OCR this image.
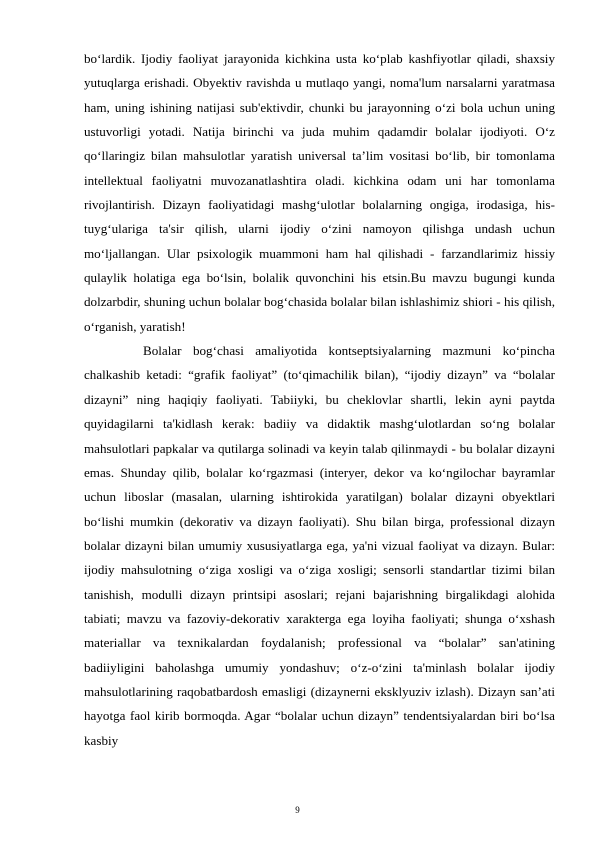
bo‘lardik. Ijodiy faoliyat jarayonida kichkina usta ko‘plab kashfiyotlar qiladi, shaxsiy yutuqlarga erishadi. Obyektiv ravishda u mutlaqo yangi, noma'lum narsalarni yaratmasa ham, uning ishining natijasi sub'ektivdir, chunki bu jarayonning o‘zi bola uchun uning ustuvorligi yotadi. Natija birinchi va juda muhim qadamdir bolalar ijodiyoti. O‘z qo‘llaringiz bilan mahsulotlar yaratish universal ta’lim vositasi bo‘lib, bir tomonlama intellektual faoliyatni muvozanatlashtira oladi. kichkina odam uni har tomonlama rivojlantirish. Dizayn faoliyatidagi mashg‘ulotlar bolalarning ongiga, irodasiga, his-tuyg‘ulariga ta'sir qilish, ularni ijodiy o‘zini namoyon qilishga undash uchun mo‘ljallangan. Ular psixologik muammoni ham hal qilishadi - farzandlarimiz hissiy qulaylik holatiga ega bo‘lsin, bolalik quvonchini his etsin.Bu mavzu bugungi kunda dolzarbdir, shuning uchun bolalar bog‘chasida bolalar bilan ishlashimiz shiori - his qilish, o‘rganish, yaratish!

Bolalar bog‘chasi amaliyotida kontseptsiyalarning mazmuni ko‘pincha chalkashib ketadi: “grafik faoliyat” (to‘qimachilik bilan), “ijodiy dizayn” va “bolalar dizayni” ning haqiqiy faoliyati. Tabiiyki, bu cheklovlar shartli, lekin ayni paytda quyidagilarni ta'kidlash kerak: badiiy va didaktik mashg‘ulotlardan so‘ng bolalar mahsulotlari papkalar va qutilarga solinadi va keyin talab qilinmaydi - bu bolalar dizayni emas. Shunday qilib, bolalar ko‘rgazmasi (interyer, dekor va ko‘ngilochar bayramlar uchun liboslar (masalan, ularning ishtirokida yaratilgan) bolalar dizayni obyektlari bo‘lishi mumkin (dekorativ va dizayn faoliyati). Shu bilan birga, professional dizayn bolalar dizayni bilan umumiy xususiyatlarga ega, ya'ni vizual faoliyat va dizayn. Bular: ijodiy mahsulotning o‘ziga xosligi va o‘ziga xosligi; sensorli standartlar tizimi bilan tanishish, modulli dizayn printsipi asoslari; rejani bajarishning birgalikdagi alohida tabiati; mavzu va fazoviy-dekorativ xarakterga ega loyiha faoliyati; shunga o‘xshash materiallar va texnikalardan foydalanish; professional va “bolalar” san'atining badiiyligini baholashga umumiy yondashuv; o‘z-o‘zini ta'minlash bolalar ijodiy mahsulotlarining raqobatbardosh emasligi (dizaynerni eksklyuziv izlash). Dizayn san’ati hayotga faol kirib bormoqda. Agar “bolalar uchun dizayn” tendentsiyalardan biri bo‘lsa kasbiy

9
